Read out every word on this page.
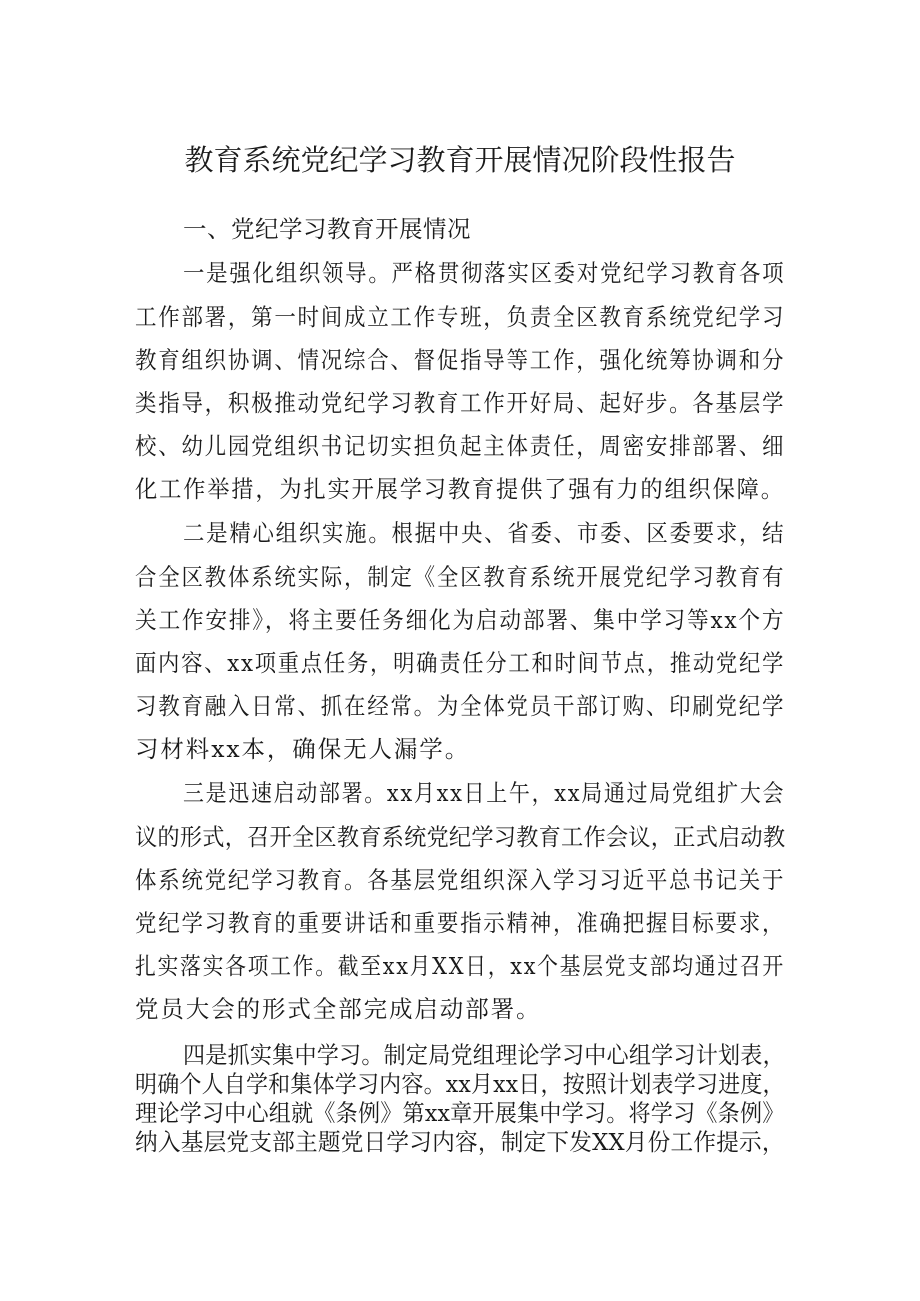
教育系统党纪学习教育开展情况阶段性报告

一、党纪学习教育开展情况

一是强化组织领导。严格贯彻落实区委对党纪学习教育各项

工作部署，第一时间成立工作专班，负责全区教育系统党纪学习

教育组织协调、情况综合、督促指导等工作，强化统筹协调和分

类指导，积极推动党纪学习教育工作开好局、起好步。各基层学

校、幼儿园党组织书记切实担负起主体责任，周密安排部署、细

化工作举措，为扎实开展学习教育提供了强有力的组织保障。

二是精心组织实施。根据中央、省委、市委、区委要求，结

合全区教体系统实际，制定《全区教育系统开展党纪学习教育有

关工作安排》，将主要任务细化为启动部署、集中学习等xx个方

面内容、xx项重点任务，明确责任分工和时间节点，推动党纪学

习教育融入日常、抓在经常。为全体党员干部订购、印刷党纪学

习材料xx本，确保无人漏学。

三是迅速启动部署。xx月xx日上午，xx局通过局党组扩大会

议的形式，召开全区教育系统党纪学习教育工作会议，正式启动教

体系统党纪学习教育。各基层党组织深入学习习近平总书记关于

党纪学习教育的重要讲话和重要指示精神，准确把握目标要求，

扎实落实各项工作。截至xx月XX日，xx个基层党支部均通过召开

党员大会的形式全部完成启动部署。

四是抓实集中学习。制定局党组理论学习中心组学习计划表，

明确个人自学和集体学习内容。xx月xx日，按照计划表学习进度，

理论学习中心组就《条例》第xx章开展集中学习。将学习《条例》

纳入基层党支部主题党日学习内容，制定下发XX月份工作提示，
